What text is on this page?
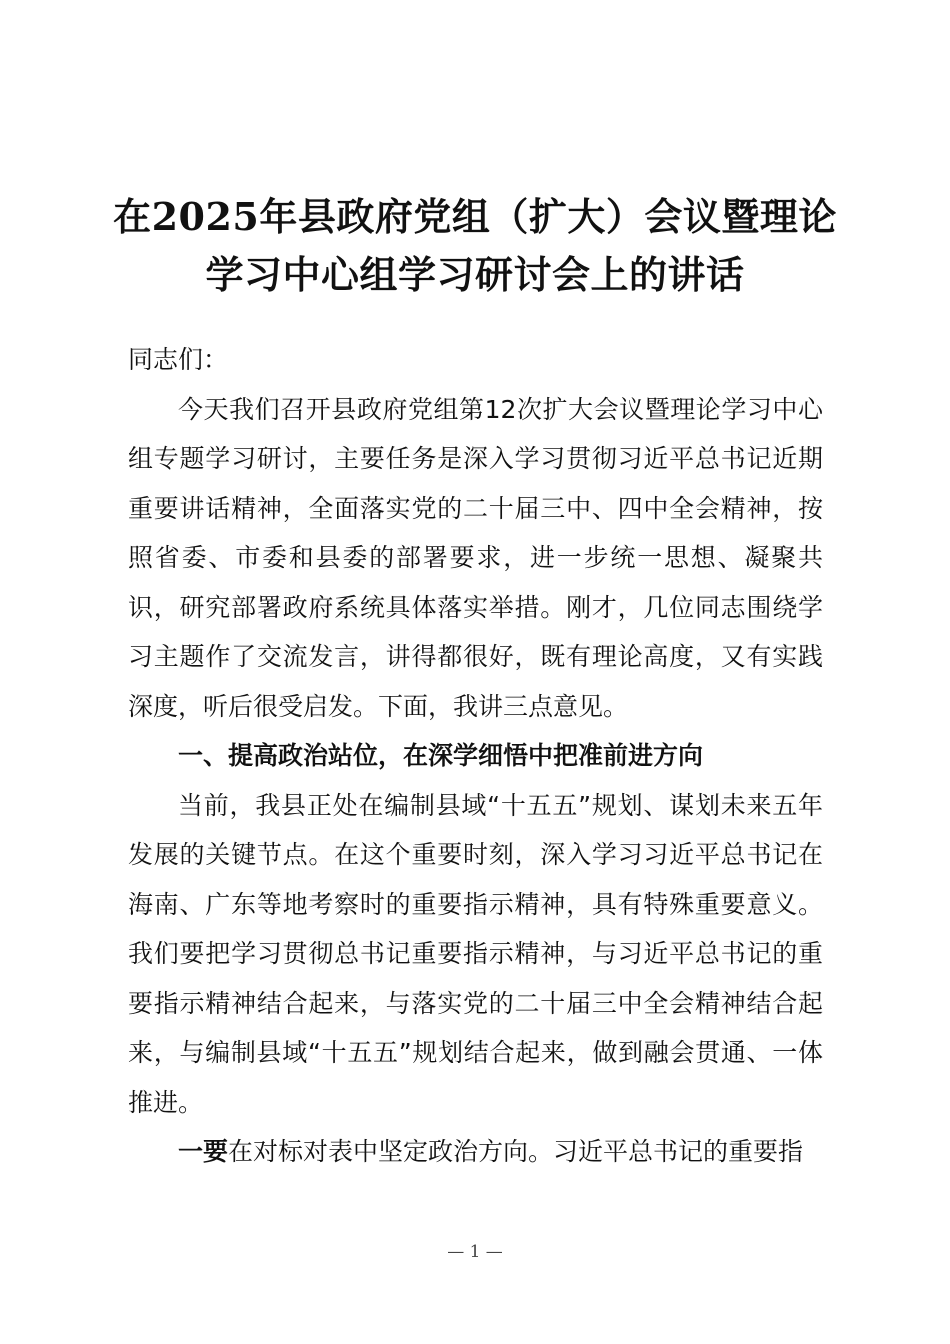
在2025年县政府党组（扩大）会议暨理论
学习中心组学习研讨会上的讲话

同志们：

今天我们召开县政府党组第12次扩大会议暨理论学习中心组专题学习研讨，主要任务是深入学习贯彻习近平总书记近期重要讲话精神，全面落实党的二十届三中、四中全会精神，按照省委、市委和县委的部署要求，进一步统一思想、凝聚共识，研究部署政府系统具体落实举措。刚才，几位同志围绕学习主题作了交流发言，讲得都很好，既有理论高度，又有实践深度，听后很受启发。下面，我讲三点意见。

一、提高政治站位，在深学细悟中把准前进方向

当前，我县正处在编制县域“十五五”规划、谋划未来五年发展的关键节点。在这个重要时刻，深入学习习近平总书记在海南、广东等地考察时的重要指示精神，具有特殊重要意义。我们要把学习贯彻总书记重要指示精神，与习近平总书记的重要指示精神结合起来，与落实党的二十届三中全会精神结合起来，与编制县域“十五五”规划结合起来，做到融会贯通、一体推进。

一要在对标对表中坚定政治方向。习近平总书记的重要指

— 1 —
